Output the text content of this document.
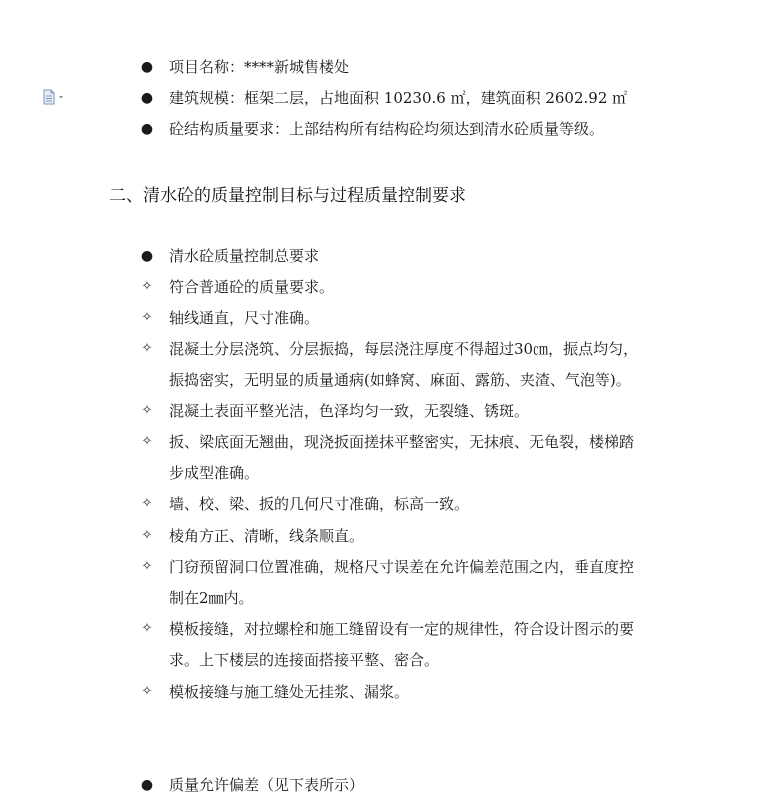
● 项目名称：****新城售楼处
● 建筑规模：框架二层，占地面积 10230.6 ㎡，建筑面积 2602.92 ㎡
● 砼结构质量要求：上部结构所有结构砼均须达到清水砼质量等级。
二、清水砼的质量控制目标与过程质量控制要求
● 清水砼质量控制总要求
✧ 符合普通砼的质量要求。
✧ 轴线通直，尺寸准确。
✧ 混凝土分层浇筑、分层振捣，每层浇注厚度不得超过30㎝，振点均匀，
振捣密实，无明显的质量通病(如蜂窝、麻面、露筋、夹渣、气泡等)。
✧ 混凝土表面平整光洁，色泽均匀一致，无裂缝、锈斑。
✧ 扳、梁底面无翘曲，现浇扳面搓抹平整密实，无抹痕、无龟裂，楼梯踏
步成型准确。
✧ 墙、校、梁、扳的几何尺寸准确，标高一致。
✧ 棱角方正、清晰，线条顺直。
✧ 门窃预留洞口位置准确，规格尺寸误差在允许偏差范围之内，垂直度控
制在2㎜内。
✧ 模板接缝，对拉螺栓和施工缝留设有一定的规律性，符合设计图示的要
求。上下楼层的连接面搭接平整、密合。
✧ 模板接缝与施工缝处无挂浆、漏浆。
● 质量允许偏差（见下表所示）
